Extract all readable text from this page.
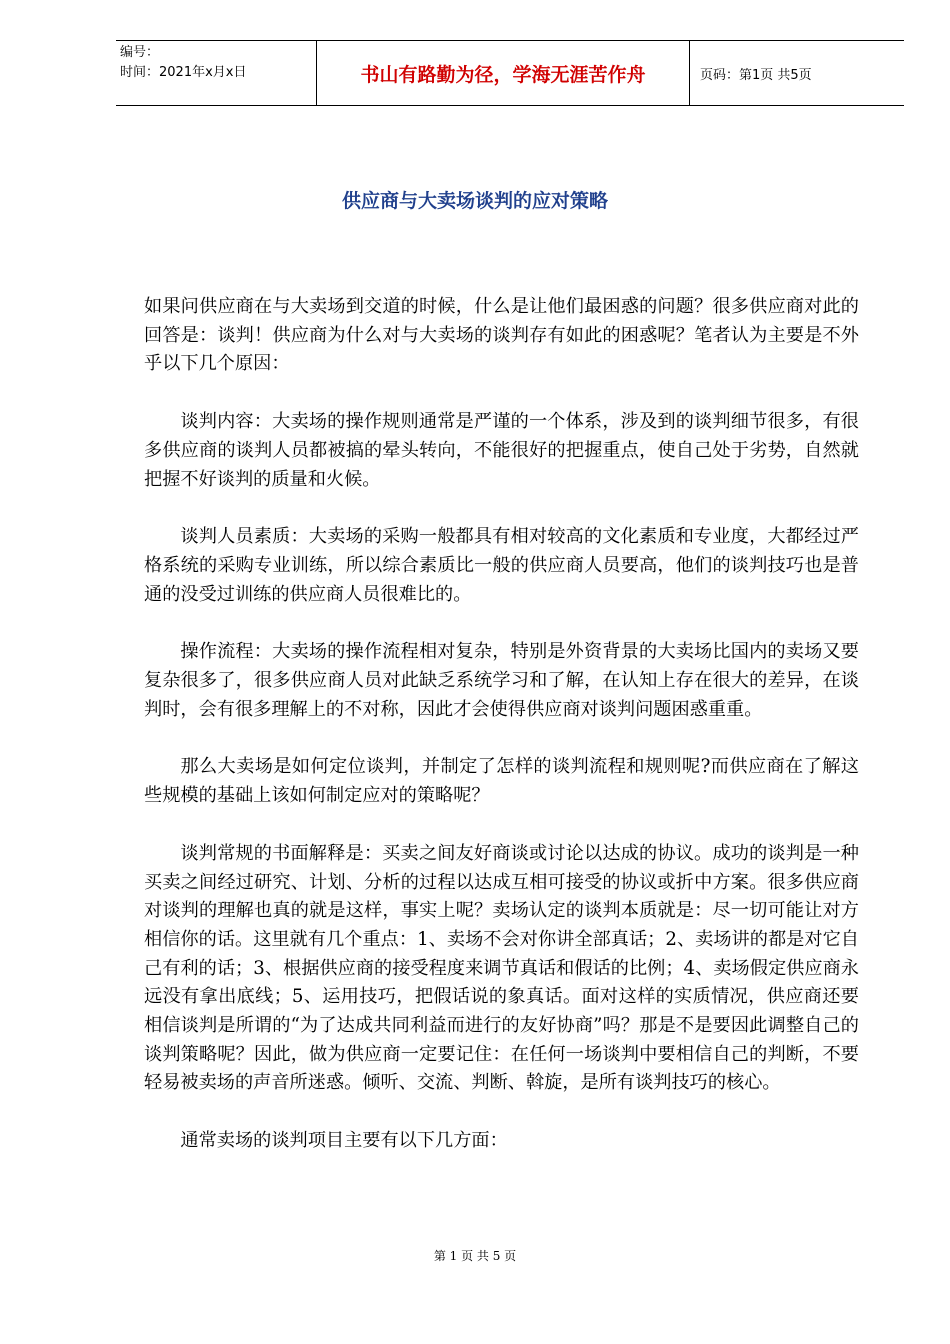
编号：
时间：2021年x月x日	书山有路勤为径，学海无涯苦作舟	页码：第1页 共5页
供应商与大卖场谈判的应对策略

如果问供应商在与大卖场到交道的时候，什么是让他们最困惑的问题？很多供应商对此的回答是：谈判！供应商为什么对与大卖场的谈判存有如此的困惑呢？笔者认为主要是不外乎以下几个原因：

谈判内容：大卖场的操作规则通常是严谨的一个体系，涉及到的谈判细节很多，有很多供应商的谈判人员都被搞的晕头转向，不能很好的把握重点，使自己处于劣势，自然就把握不好谈判的质量和火候。

谈判人员素质：大卖场的采购一般都具有相对较高的文化素质和专业度，大都经过严格系统的采购专业训练，所以综合素质比一般的供应商人员要高，他们的谈判技巧也是普通的没受过训练的供应商人员很难比的。

操作流程：大卖场的操作流程相对复杂，特别是外资背景的大卖场比国内的卖场又要复杂很多了，很多供应商人员对此缺乏系统学习和了解，在认知上存在很大的差异，在谈判时，会有很多理解上的不对称，因此才会使得供应商对谈判问题困惑重重。

那么大卖场是如何定位谈判，并制定了怎样的谈判流程和规则呢?而供应商在了解这些规模的基础上该如何制定应对的策略呢？

谈判常规的书面解释是：买卖之间友好商谈或讨论以达成的协议。成功的谈判是一种买卖之间经过研究、计划、分析的过程以达成互相可接受的协议或折中方案。很多供应商对谈判的理解也真的就是这样，事实上呢？卖场认定的谈判本质就是：尽一切可能让对方相信你的话。这里就有几个重点：1、卖场不会对你讲全部真话；2、卖场讲的都是对它自己有利的话；3、根据供应商的接受程度来调节真话和假话的比例；4、卖场假定供应商永远没有拿出底线；5、运用技巧，把假话说的象真话。面对这样的实质情况，供应商还要相信谈判是所谓的“为了达成共同利益而进行的友好协商”吗？那是不是要因此调整自己的谈判策略呢？因此，做为供应商一定要记住：在任何一场谈判中要相信自己的判断，不要轻易被卖场的声音所迷惑。倾听、交流、判断、斡旋，是所有谈判技巧的核心。

通常卖场的谈判项目主要有以下几方面：

第 1 页 共 5 页
